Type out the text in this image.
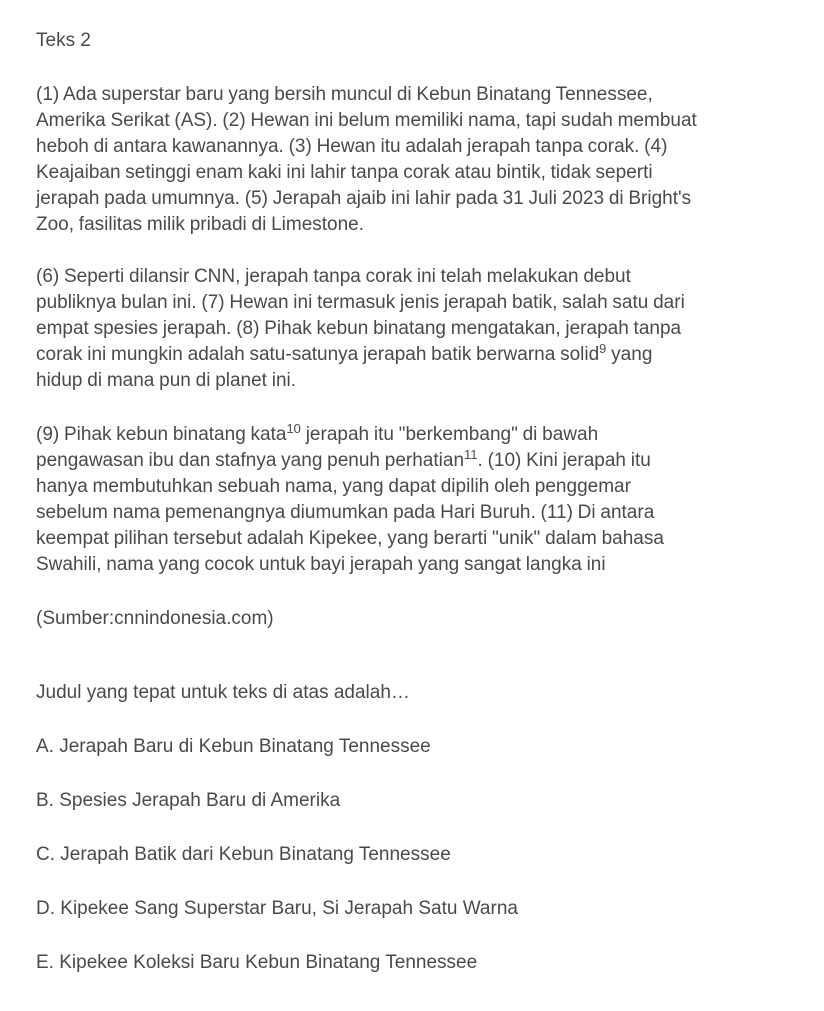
Teks 2

(1) Ada superstar baru yang bersih muncul di Kebun Binatang Tennessee,
Amerika Serikat (AS). (2) Hewan ini belum memiliki nama, tapi sudah membuat
heboh di antara kawanannya. (3) Hewan itu adalah jerapah tanpa corak. (4)
Keajaiban setinggi enam kaki ini lahir tanpa corak atau bintik, tidak seperti
jerapah pada umumnya. (5) Jerapah ajaib ini lahir pada 31 Juli 2023 di Bright's
Zoo, fasilitas milik pribadi di Limestone.

(6) Seperti dilansir CNN, jerapah tanpa corak ini telah melakukan debut
publiknya bulan ini. (7) Hewan ini termasuk jenis jerapah batik, salah satu dari
empat spesies jerapah. (8) Pihak kebun binatang mengatakan, jerapah tanpa
corak ini mungkin adalah satu-satunya jerapah batik berwarna solid$^9$ yang
hidup di mana pun di planet ini.

(9) Pihak kebun binatang kata$^{10}$ jerapah itu "berkembang" di bawah
pengawasan ibu dan stafnya yang penuh perhatian$^{11}$. (10) Kini jerapah itu
hanya membutuhkan sebuah nama, yang dapat dipilih oleh penggemar
sebelum nama pemenangnya diumumkan pada Hari Buruh. (11) Di antara
keempat pilihan tersebut adalah Kipekee, yang berarti "unik" dalam bahasa
Swahili, nama yang cocok untuk bayi jerapah yang sangat langka ini

(Sumber:cnnindonesia.com)

Judul yang tepat untuk teks di atas adalah…

A. Jerapah Baru di Kebun Binatang Tennessee
B. Spesies Jerapah Baru di Amerika
C. Jerapah Batik dari Kebun Binatang Tennessee
D. Kipekee Sang Superstar Baru, Si Jerapah Satu Warna
E. Kipekee Koleksi Baru Kebun Binatang Tennessee
